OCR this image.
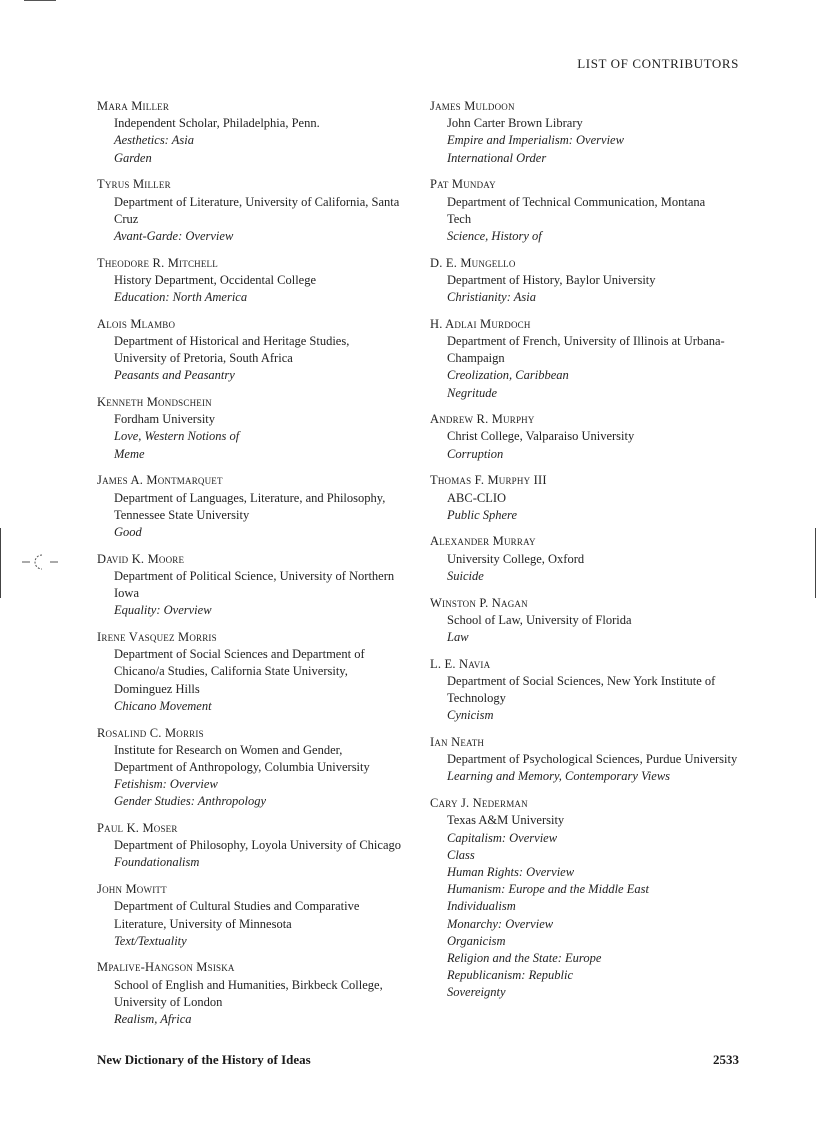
LIST OF CONTRIBUTORS
Mara Miller
Independent Scholar, Philadelphia, Penn.
Aesthetics: Asia
Garden
Tyrus Miller
Department of Literature, University of California, Santa
Cruz
Avant-Garde: Overview
Theodore R. Mitchell
History Department, Occidental College
Education: North America
Alois Mlambo
Department of Historical and Heritage Studies,
University of Pretoria, South Africa
Peasants and Peasantry
Kenneth Mondschein
Fordham University
Love, Western Notions of
Meme
James A. Montmarquet
Department of Languages, Literature, and Philosophy,
Tennessee State University
Good
David K. Moore
Department of Political Science, University of Northern
Iowa
Equality: Overview
Irene Vasquez Morris
Department of Social Sciences and Department of
Chicano/a Studies, California State University,
Dominguez Hills
Chicano Movement
Rosalind C. Morris
Institute for Research on Women and Gender,
Department of Anthropology, Columbia University
Fetishism: Overview
Gender Studies: Anthropology
Paul K. Moser
Department of Philosophy, Loyola University of Chicago
Foundationalism
John Mowitt
Department of Cultural Studies and Comparative
Literature, University of Minnesota
Text/Textuality
Mpalive-Hangson Msiska
School of English and Humanities, Birkbeck College,
University of London
Realism, Africa
James Muldoon
John Carter Brown Library
Empire and Imperialism: Overview
International Order
Pat Munday
Department of Technical Communication, Montana
Tech
Science, History of
D. E. Mungello
Department of History, Baylor University
Christianity: Asia
H. Adlai Murdoch
Department of French, University of Illinois at Urbana-
Champaign
Creolization, Caribbean
Negritude
Andrew R. Murphy
Christ College, Valparaiso University
Corruption
Thomas F. Murphy III
ABC-CLIO
Public Sphere
Alexander Murray
University College, Oxford
Suicide
Winston P. Nagan
School of Law, University of Florida
Law
L. E. Navia
Department of Social Sciences, New York Institute of
Technology
Cynicism
Ian Neath
Department of Psychological Sciences, Purdue University
Learning and Memory, Contemporary Views
Cary J. Nederman
Texas A&M University
Capitalism: Overview
Class
Human Rights: Overview
Humanism: Europe and the Middle East
Individualism
Monarchy: Overview
Organicism
Religion and the State: Europe
Republicanism: Republic
Sovereignty
New Dictionary of the History of Ideas	2533
